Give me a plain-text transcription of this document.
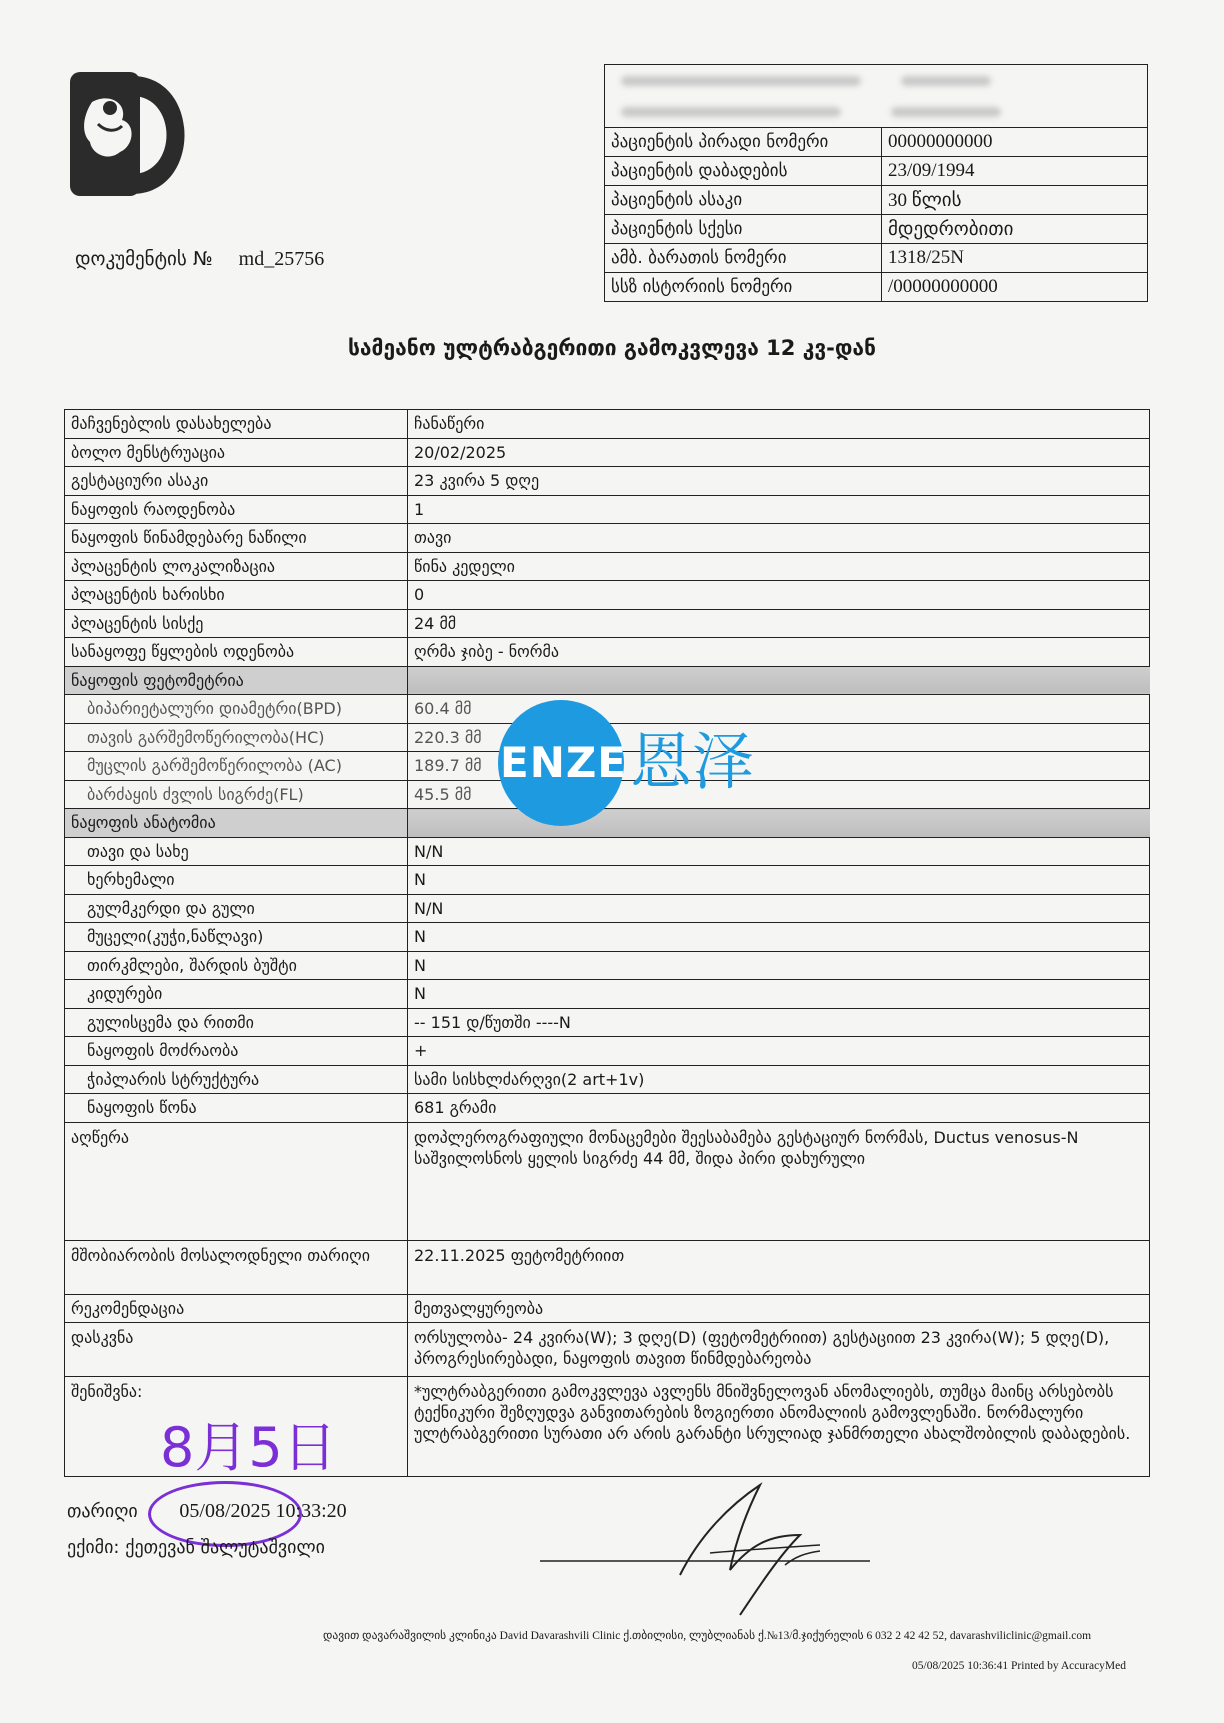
დოკუმენტის № md_25756

პაციენტის პირადი ნომერი	00000000000
პაციენტის დაბადების	23/09/1994
პაციენტის ასაკი	30 წლის
პაციენტის სქესი	მდედრობითი
ამბ. ბარათის ნომერი	1318/25N
სსზ ისტორიის ნომერი	/00000000000
სამეანო ულტრაბგერითი გამოკვლევა 12 კვ-დან
მაჩვენებლის დასახელება	ჩანაწერი
ბოლო მენსტრუაცია	20/02/2025
გესტაციური ასაკი	23 კვირა 5 დღე
ნაყოფის რაოდენობა	1
ნაყოფის წინამდებარე ნაწილი	თავი
პლაცენტის ლოკალიზაცია	წინა კედელი
პლაცენტის ხარისხი	0
პლაცენტის სისქე	24 მმ
სანაყოფე წყლების ოდენობა	ღრმა ჯიბე - ნორმა
ნაყოფის ფეტომეტრია	
ბიპარიეტალური დიამეტრი(BPD)	60.4 მმ
თავის გარშემოწერილობა(HC)	220.3 მმ
მუცლის გარშემოწერილობა (AC)	189.7 მმ
ბარძაყის ძვლის სიგრძე(FL)	45.5 მმ
ნაყოფის ანატომია	
თავი და სახე	N/N
ხერხემალი	N
გულმკერდი და გული	N/N
მუცელი(კუჭი,ნაწლავი)	N
თირკმლები, შარდის ბუშტი	N
კიდურები	N
გულისცემა და რითმი	-- 151 დ/წუთში ----N
ნაყოფის მოძრაობა	+
ჭიპლარის სტრუქტურა	სამი სისხლძარღვი(2 art+1v)
ნაყოფის წონა	681 გრამი
აღწერა	დოპლეროგრაფიული მონაცემები შეესაბამება გესტაციურ ნორმას, Ductus venosus-N
საშვილოსნოს ყელის სიგრძე 44 მმ, შიდა პირი დახურული

მშობიარობის მოსალოდნელი თარიღი	22.11.2025 ფეტომეტრიით
რეკომენდაცია	მეთვალყურეობა
დასკვნა	ორსულობა- 24 კვირა(W); 3 დღე(D) (ფეტომეტრიით) გესტაციით 23 კვირა(W); 5 დღე(D), პროგრესირებადი, ნაყოფის თავით წინმდებარეობა
შენიშვნა:	*ულტრაბგერითი გამოკვლევა ავლენს მნიშვნელოვან ანომალიებს, თუმცა მაინც არსებობს ტექნიკური შეზღუდვა განვითარების ზოგიერთი ანომალიის გამოვლენაში. ნორმალური ულტრაბგერითი სურათი არ არის გარანტი სრულიად ჯანმრთელი ახალშობილის დაბადების.
ENZE 恩泽
8月5日
თარიღი 05/08/2025 10:33:20
ექიმი: ქეთევან შალუტაშვილი
დავით დავარაშვილის კლინიკა David Davarashvili Clinic ქ.თბილისი, ლუბლიანას ქ.№13/მ.ჯიქურელის 6 032 2 42 42 52, davarashviliclinic@gmail.com
05/08/2025 10:36:41 Printed by AccuracyMed
